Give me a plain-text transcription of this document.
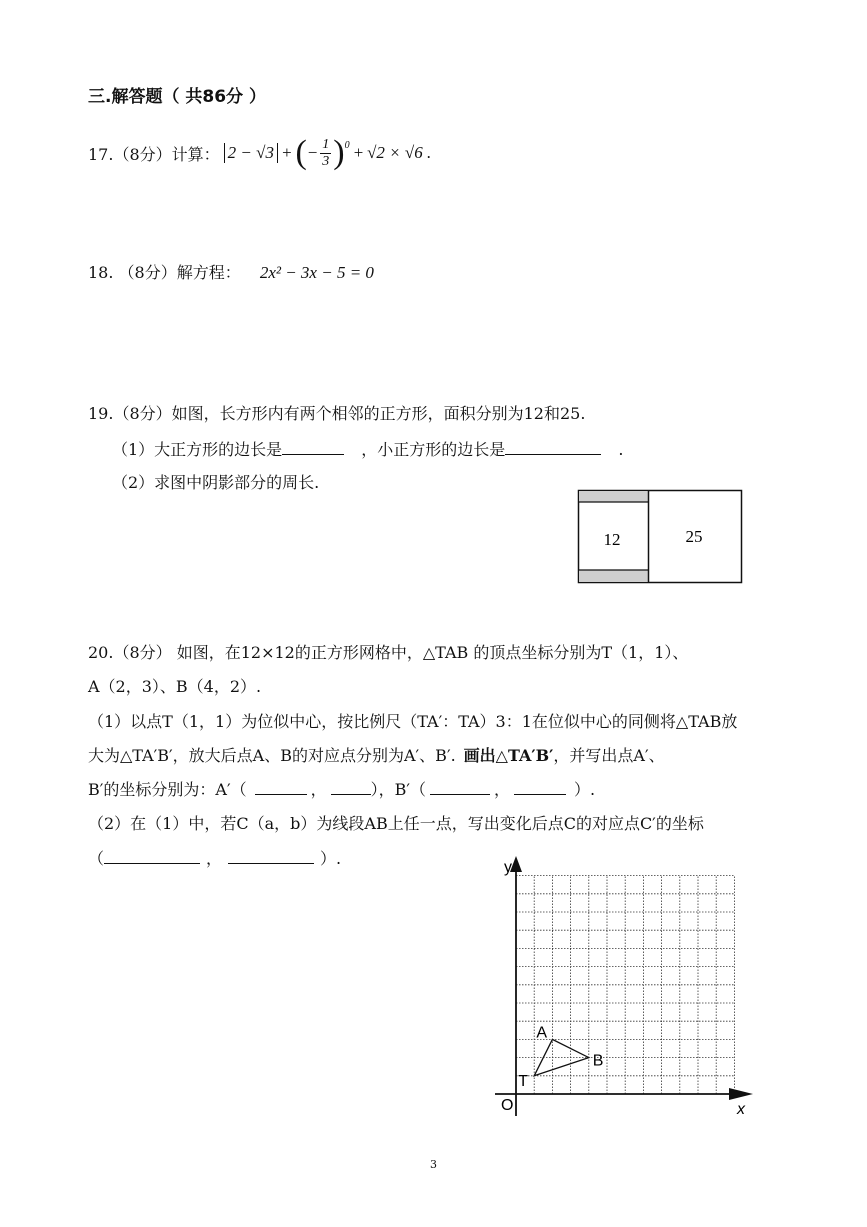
三.解答题（ 共86分 ）
17.（8分）计算： 2 − √3 + ( − $\frac{1}{3}$ ) 0 + √2 × √6 .
18. （8分）解方程： 2x² − 3x − 5 = 0
19.（8分）如图，长方形内有两个相邻的正方形，面积分别为12和25.
（1）大正方形的边长是	，小正方形的边长是	.
（2）求图中阴影部分的周长.
12	25
20.（8分） 如图，在12×12的正方形网格中，△TAB 的顶点坐标分别为T（1，1）、
A（2，3）、B（4，2）.
（1）以点T（1，1）为位似中心，按比例尺（TA′：TA）3：1在位似中心的同侧将△TAB放
大为△TA′B′，放大后点A、B的对应点分别为A′、B′. 画出△TA′B′，并写出点A′、
B′的坐标分别为：A′（	，	），B′（	，	）.
（2）在（1）中，若C（a，b）为线段AB上任一点，写出变化后点C的对应点C′的坐标
（	，	）.	y
x
O
T
A
B
3
